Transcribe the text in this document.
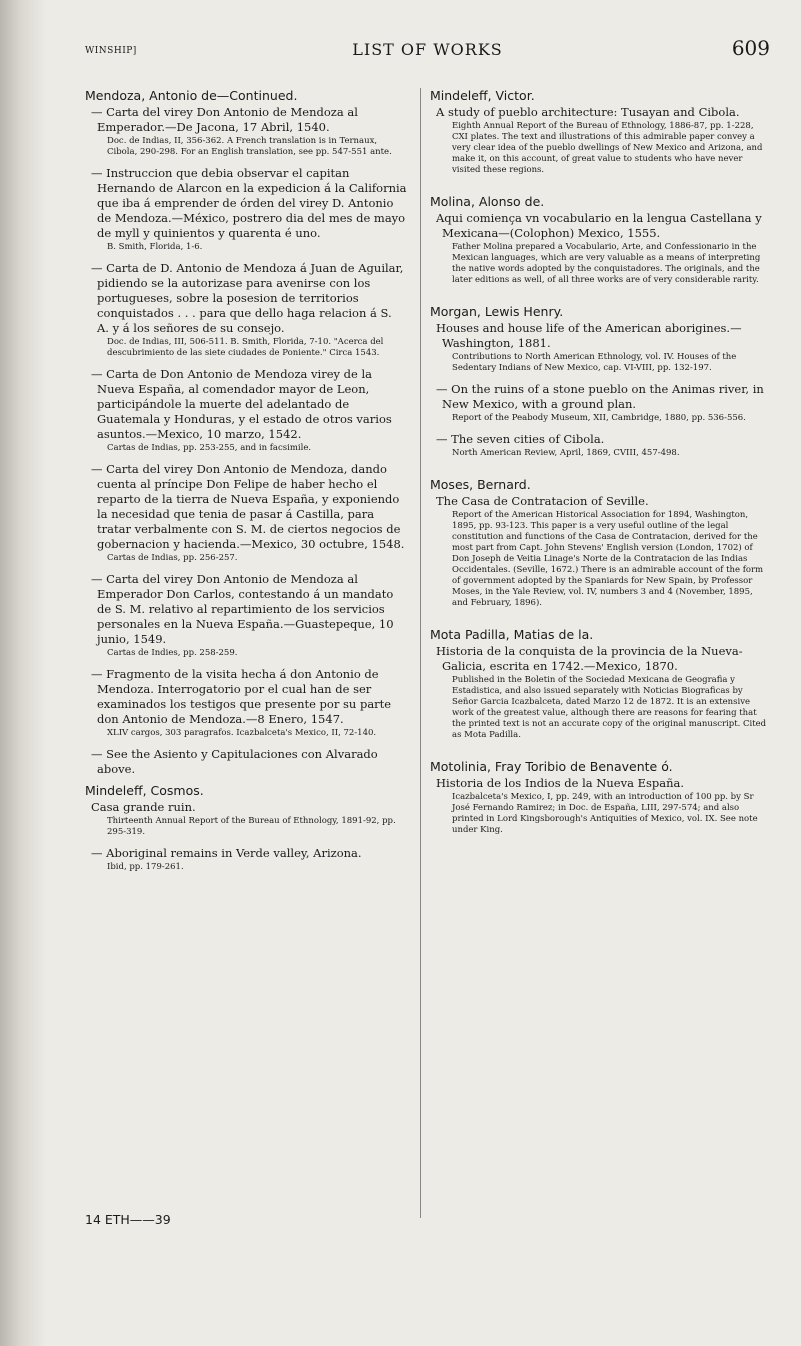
WINSHIP]	LIST OF WORKS	609
Mendoza, Antonio de—Continued.
— Carta del virey Don Antonio de Mendoza al Emperador.—De Jacona, 17 Abril, 1540.
Doc. de Indias, II, 356-362. A French translation is in Ternaux, Cibola, 290-298. For an English translation, see pp. 547-551 ante.
— Instruccion que debia observar el capitan Hernando de Alarcon en la expedicion á la California que iba á emprender de órden del virey D. Antonio de Mendoza.—México, postrero dia del mes de mayo de myll y quinientos y quarenta é uno.
B. Smith, Florida, 1-6.
— Carta de D. Antonio de Mendoza á Juan de Aguilar, pidiendo se la autorizase para avenirse con los portugueses, sobre la posesion de territorios conquistados . . . para que dello haga relacion á S. A. y á los señores de su consejo.
Doc. de Indias, III, 506-511. B. Smith, Florida, 7-10. "Acerca del descubrimiento de las siete ciudades de Poniente." Circa 1543.
— Carta de Don Antonio de Mendoza virey de la Nueva España, al comendador mayor de Leon, participándole la muerte del adelantado de Guatemala y Honduras, y el estado de otros varios asuntos.—Mexico, 10 marzo, 1542.
Cartas de Indias, pp. 253-255, and in facsimile.
— Carta del virey Don Antonio de Mendoza, dando cuenta al príncipe Don Felipe de haber hecho el reparto de la tierra de Nueva España, y exponiendo la necesidad que tenia de pasar á Castilla, para tratar verbalmente con S. M. de ciertos negocios de gobernacion y hacienda.—Mexico, 30 octubre, 1548.
Cartas de Indias, pp. 256-257.
— Carta del virey Don Antonio de Mendoza al Emperador Don Carlos, contestando á un mandato de S. M. relativo al repartimiento de los servicios personales en la Nueva España.—Guastepeque, 10 junio, 1549.
Cartas de Indies, pp. 258-259.
— Fragmento de la visita hecha á don Antonio de Mendoza. Interrogatorio por el cual han de ser examinados los testigos que presente por su parte don Antonio de Mendoza.—8 Enero, 1547.
XLIV cargos, 303 paragrafos. Icazbalceta's Mexico, II, 72-140.
— See the Asiento y Capitulaciones con Alvarado above.
Mindeleff, Cosmos.
Casa grande ruin.
Thirteenth Annual Report of the Bureau of Ethnology, 1891-92, pp. 295-319.
— Aboriginal remains in Verde valley, Arizona.
Ibid, pp. 179-261.
Mindeleff, Victor.
A study of pueblo architecture: Tusayan and Cibola.
Eighth Annual Report of the Bureau of Ethnology, 1886-87, pp. 1-228, CXI plates. The text and illustrations of this admirable paper convey a very clear idea of the pueblo dwellings of New Mexico and Arizona, and make it, on this account, of great value to students who have never visited these regions.
Molina, Alonso de.
Aqui comiença vn vocabulario en la lengua Castellana y Mexicana—(Colophon) Mexico, 1555.
Father Molina prepared a Vocabulario, Arte, and Confessionario in the Mexican languages, which are very valuable as a means of interpreting the native words adopted by the conquistadores. The originals, and the later editions as well, of all three works are of very considerable rarity.
Morgan, Lewis Henry.
Houses and house life of the American aborigines.—Washington, 1881.
Contributions to North American Ethnology, vol. IV. Houses of the Sedentary Indians of New Mexico, cap. VI-VIII, pp. 132-197.
— On the ruins of a stone pueblo on the Animas river, in New Mexico, with a ground plan.
Report of the Peabody Museum, XII, Cambridge, 1880, pp. 536-556.
— The seven cities of Cibola.
North American Review, April, 1869, CVIII, 457-498.
Moses, Bernard.
The Casa de Contratacion of Seville.
Report of the American Historical Association for 1894, Washington, 1895, pp. 93-123. This paper is a very useful outline of the legal constitution and functions of the Casa de Contratacion, derived for the most part from Capt. John Stevens' English version (London, 1702) of Don Joseph de Veitia Linage's Norte de la Contratacion de las Indias Occidentales. (Seville, 1672.) There is an admirable account of the form of government adopted by the Spaniards for New Spain, by Professor Moses, in the Yale Review, vol. IV, numbers 3 and 4 (November, 1895, and February, 1896).
Mota Padilla, Matias de la.
Historia de la conquista de la provincia de la Nueva-Galicia, escrita en 1742.—Mexico, 1870.
Published in the Boletin of the Sociedad Mexicana de Geografia y Estadistica, and also issued separately with Noticias Biograficas by Señor Garcia Icazbalceta, dated Marzo 12 de 1872. It is an extensive work of the greatest value, although there are reasons for fearing that the printed text is not an accurate copy of the original manuscript. Cited as Mota Padilla.
Motolinia, Fray Toribio de Benavente ó.
Historia de los Indios de la Nueva España.
Icazbalceta's Mexico, I, pp. 249, with an introduction of 100 pp. by Sr José Fernando Ramirez; in Doc. de España, LIII, 297-574; and also printed in Lord Kingsborough's Antiquities of Mexico, vol. IX. See note under King.
14 ETH——39
